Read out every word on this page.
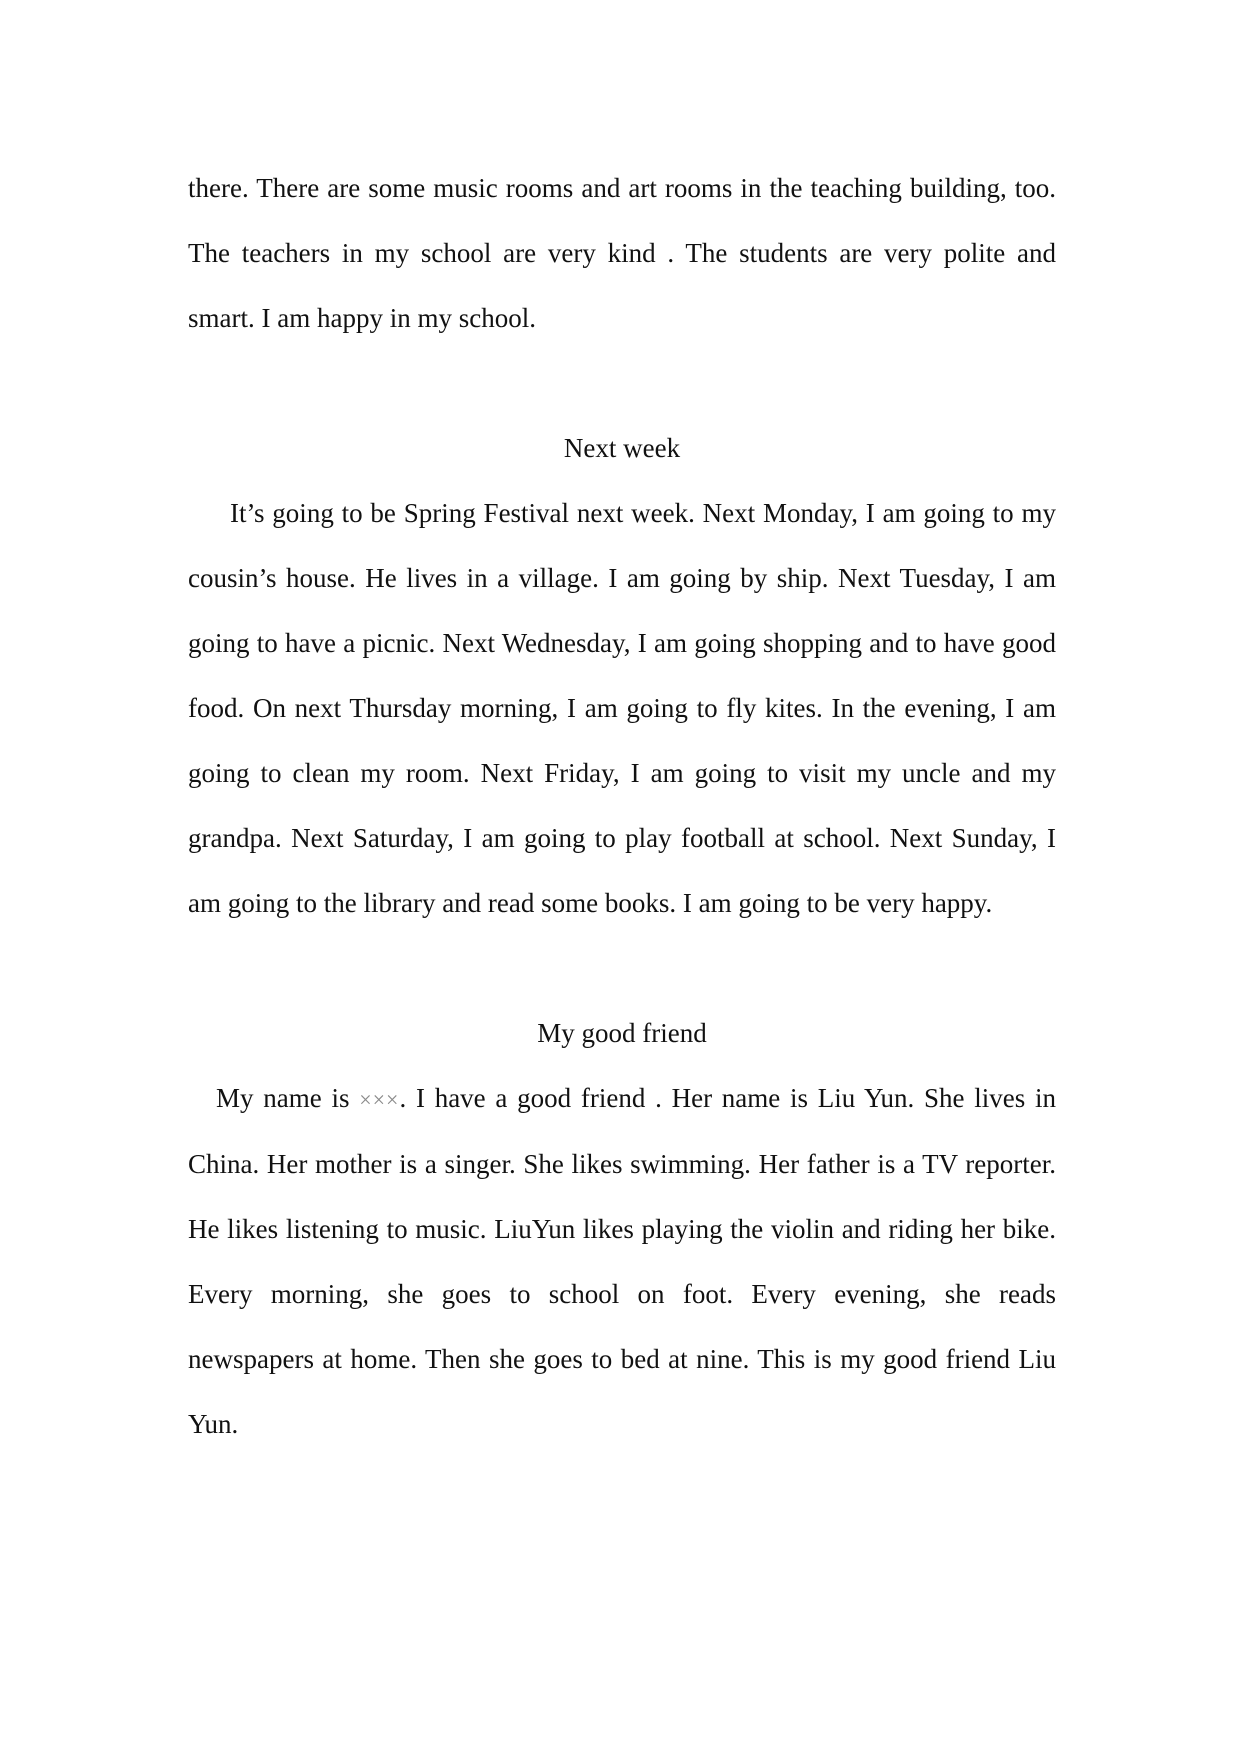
there. There are some music rooms and art rooms in the teaching building, too. The teachers in my school are very kind . The students are very polite and smart. I am happy in my school.

Next week

It’s going to be Spring Festival next week. Next Monday, I am going to my cousin’s house. He lives in a village. I am going by ship. Next Tuesday, I am going to have a picnic. Next Wednesday, I am going shopping and to have good food. On next Thursday morning, I am going to fly kites. In the evening, I am going to clean my room. Next Friday, I am going to visit my uncle and my grandpa. Next Saturday, I am going to play football at school. Next Sunday, I am going to the library and read some books. I am going to be very happy.

My good friend

My name is ×××. I have a good friend . Her name is Liu Yun. She lives in China. Her mother is a singer. She likes swimming. Her father is a TV reporter. He likes listening to music. LiuYun likes playing the violin and riding her bike. Every morning, she goes to school on foot. Every evening, she reads newspapers at home. Then she goes to bed at nine. This is my good friend Liu Yun.
